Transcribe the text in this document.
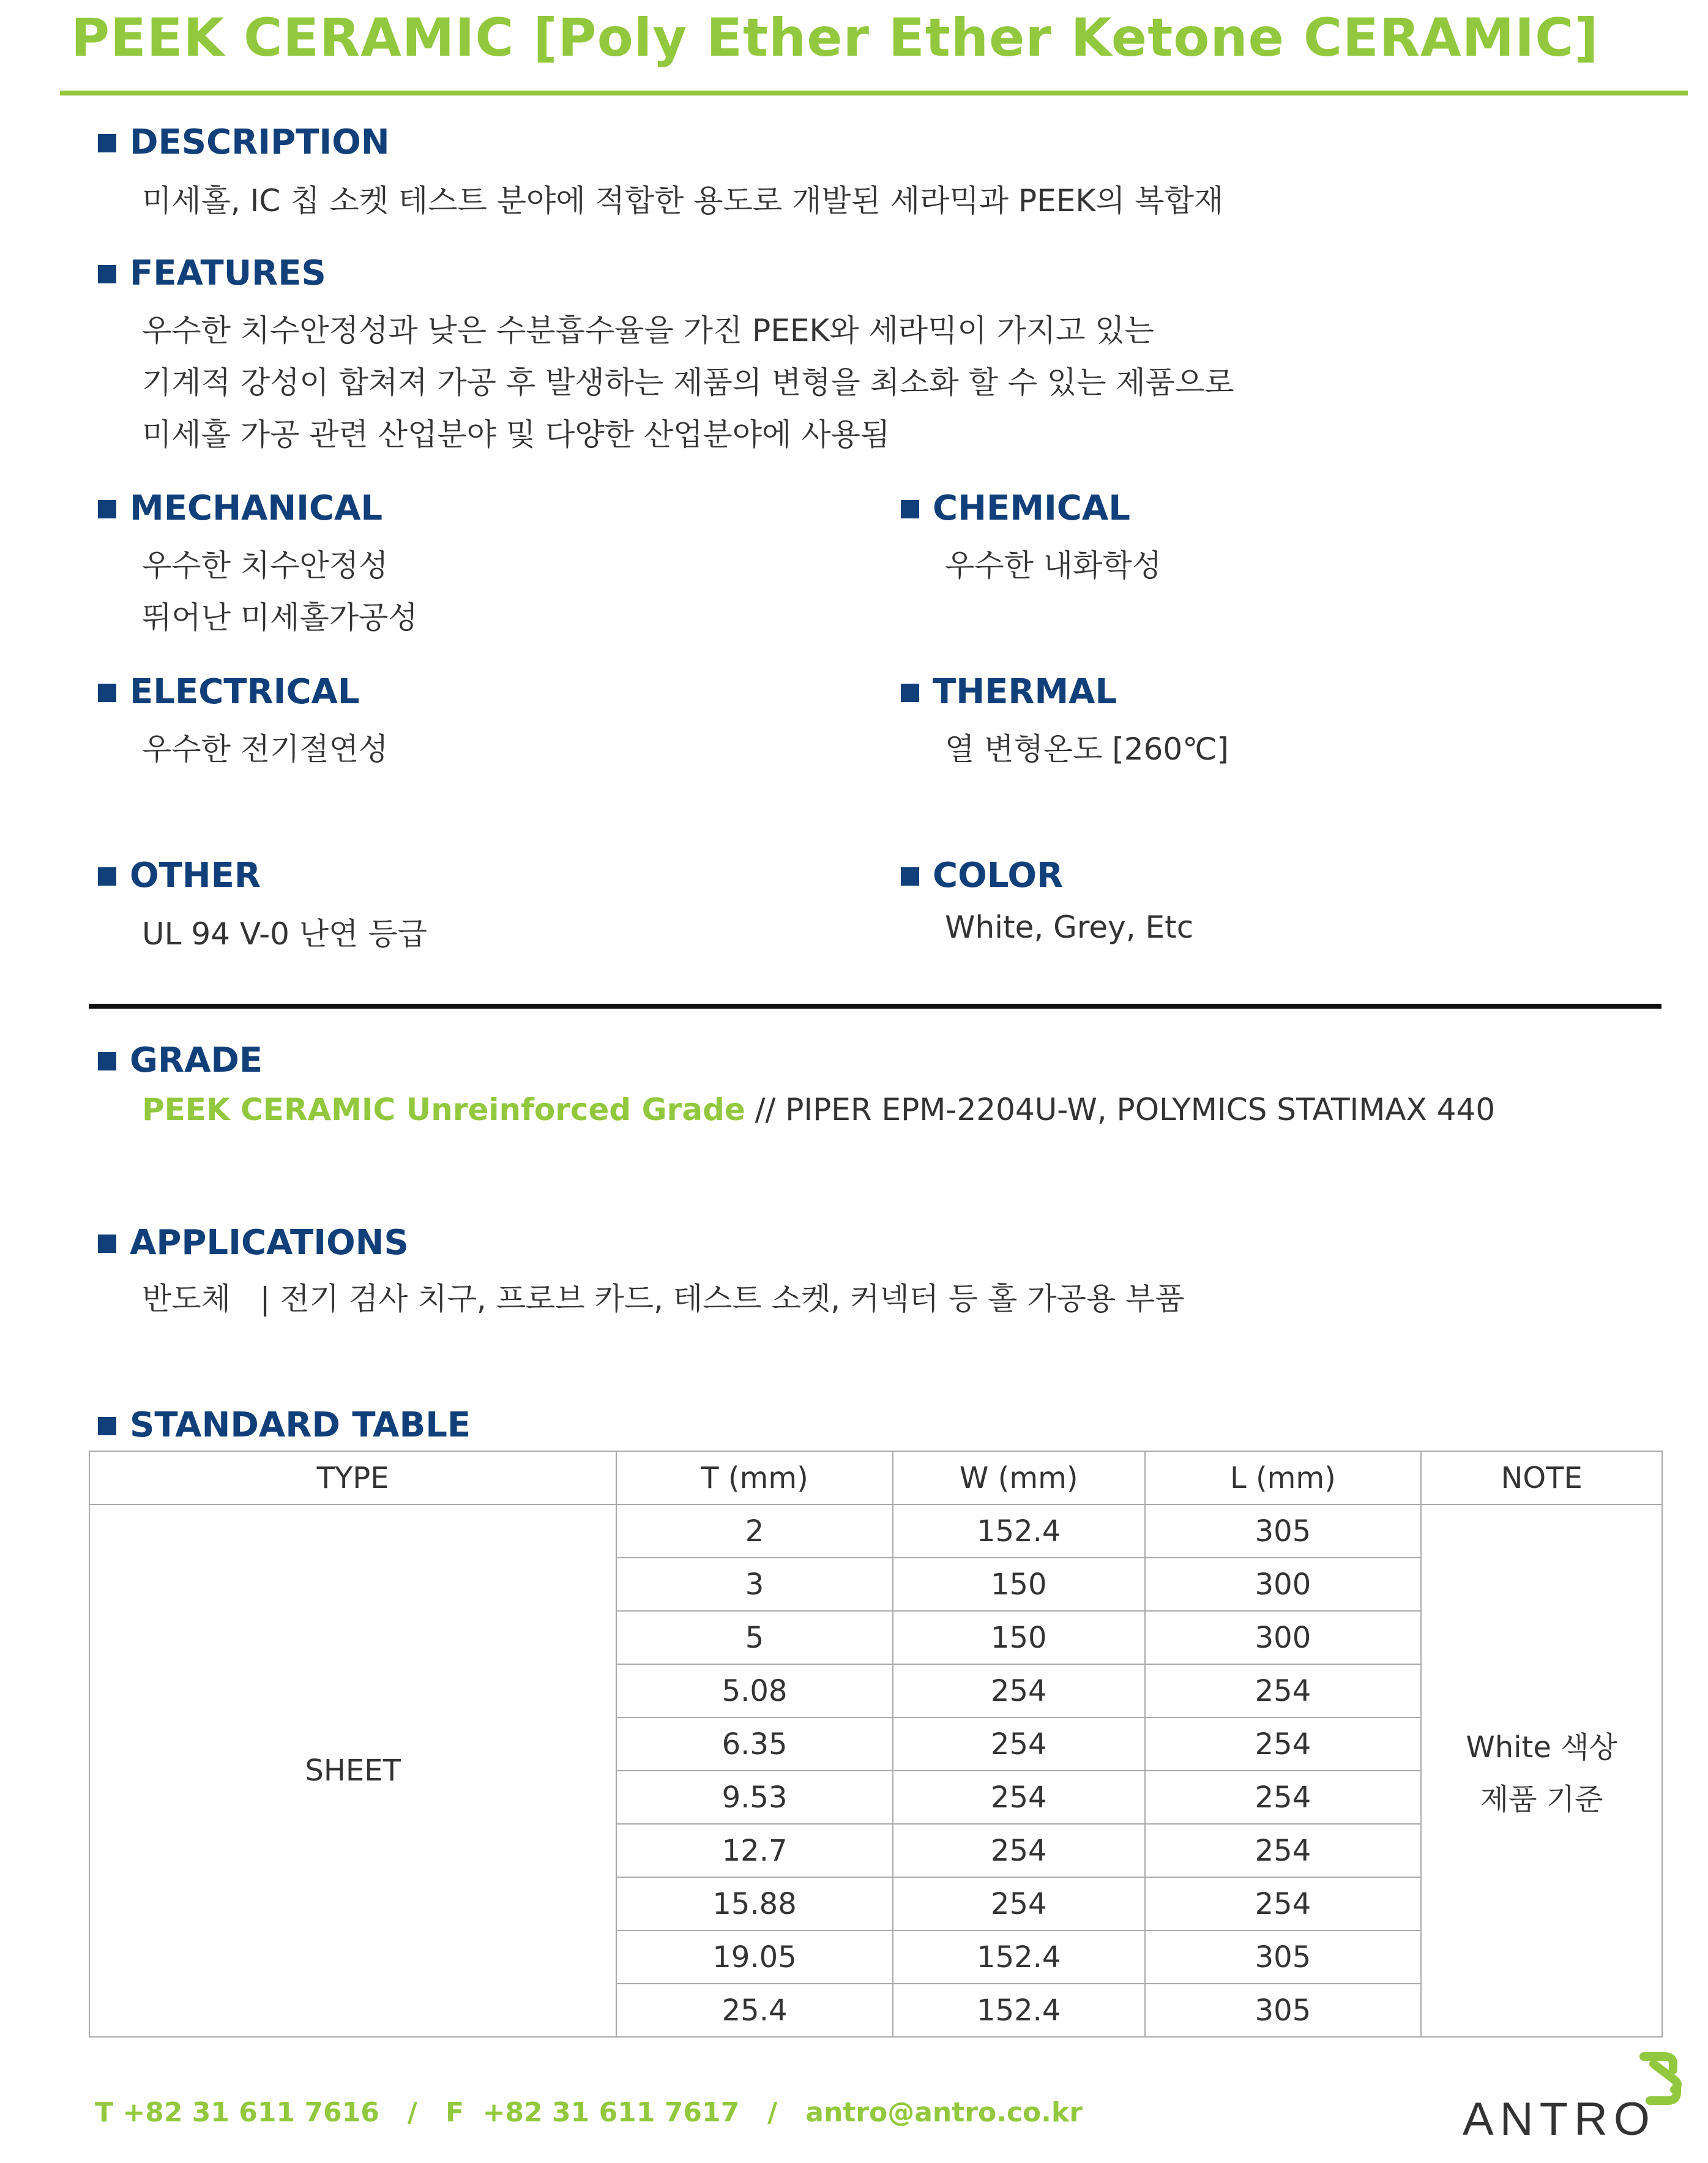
PEEK CERAMIC [Poly Ether Ether Ketone CERAMIC]
DESCRIPTION
미세홀, IC 칩 소켓 테스트 분야에 적합한 용도로 개발된 세라믹과 PEEK의 복합재
FEATURES
우수한 치수안정성과 낮은 수분흡수율을 가진 PEEK와 세라믹이 가지고 있는
기계적 강성이 합쳐져 가공 후 발생하는 제품의 변형을 최소화 할 수 있는 제품으로
미세홀 가공 관련 산업분야 및 다양한 산업분야에 사용됨
MECHANICAL
우수한 치수안정성
뛰어난 미세홀가공성
CHEMICAL
우수한 내화학성
ELECTRICAL
우수한 전기절연성
THERMAL
열 변형온도 [260℃]
OTHER
UL 94 V-0 난연 등급
COLOR
White, Grey, Etc
GRADE
PEEK CERAMIC Unreinforced Grade // PIPER EPM-2204U-W, POLYMICS STATIMAX 440
APPLICATIONS
반도체   | 전기 검사 치구, 프로브 카드, 테스트 소켓, 커넥터 등 홀 가공용 부품
STANDARD TABLE
TYPE	T (mm)	W (mm)	L (mm)	NOTE
SHEET	2	152.4	305	White 색상
제품 기준

	3	150	300	
	5	150	300	
	5.08	254	254	
	6.35	254	254	
	9.53	254	254	
	12.7	254	254	
	15.88	254	254	
	19.05	152.4	305	
	25.4	152.4	305	
T +82 31 611 7616 / F  +82 31 611 7617 / antro@antro.co.kr	ANTRO
